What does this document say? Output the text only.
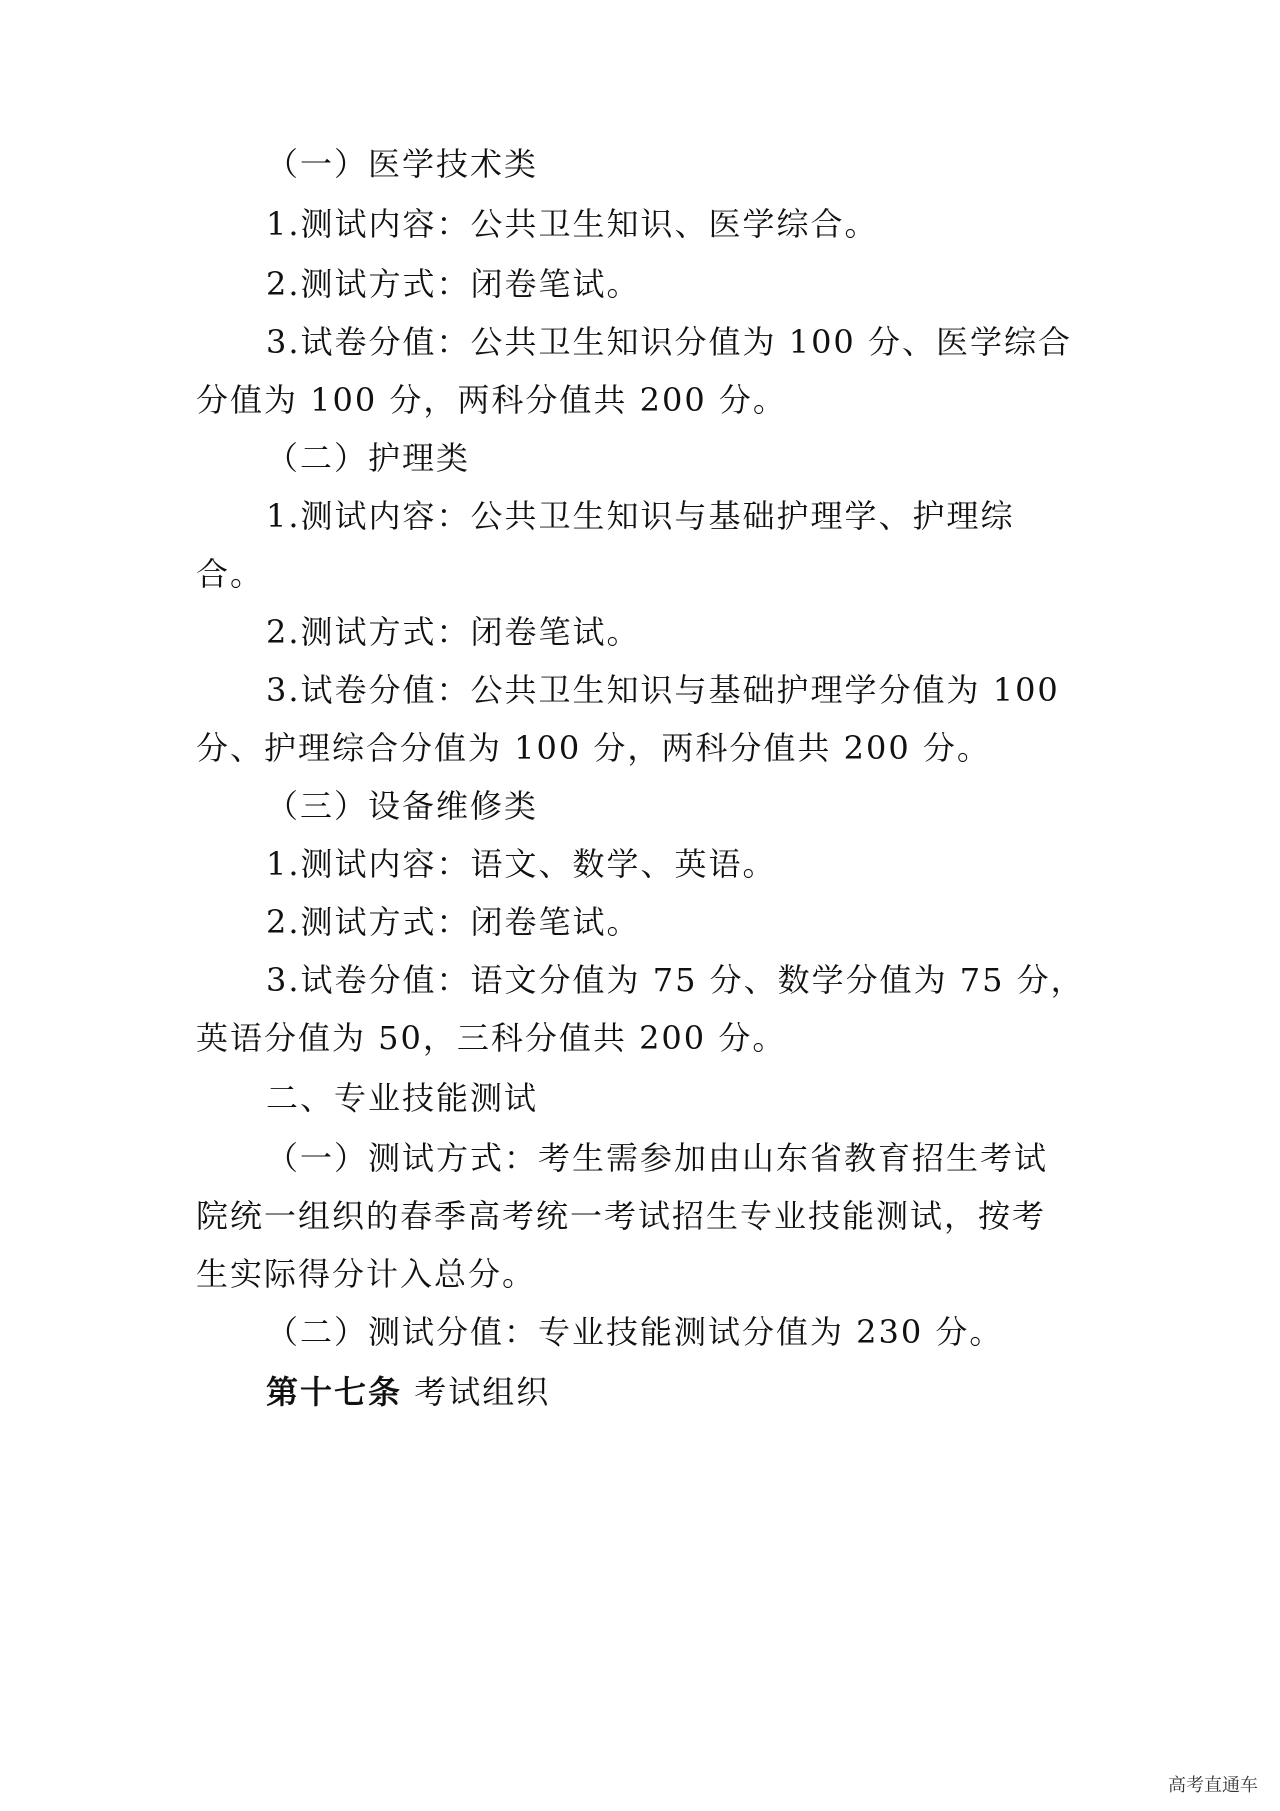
（一）医学技术类
1.测试内容：公共卫生知识、医学综合。
2.测试方式：闭卷笔试。
3.试卷分值：公共卫生知识分值为 100 分、医学综合
分值为 100 分，两科分值共 200 分。
（二）护理类
1.测试内容：公共卫生知识与基础护理学、护理综
合。
2.测试方式：闭卷笔试。
3.试卷分值：公共卫生知识与基础护理学分值为 100
分、护理综合分值为 100 分，两科分值共 200 分。
（三）设备维修类
1.测试内容：语文、数学、英语。
2.测试方式：闭卷笔试。
3.试卷分值：语文分值为 75 分、数学分值为 75 分，
英语分值为 50，三科分值共 200 分。
二、专业技能测试
（一）测试方式：考生需参加由山东省教育招生考试
院统一组织的春季高考统一考试招生专业技能测试，按考
生实际得分计入总分。
（二）测试分值：专业技能测试分值为 230 分。
第十七条 考试组织
高考直通车
